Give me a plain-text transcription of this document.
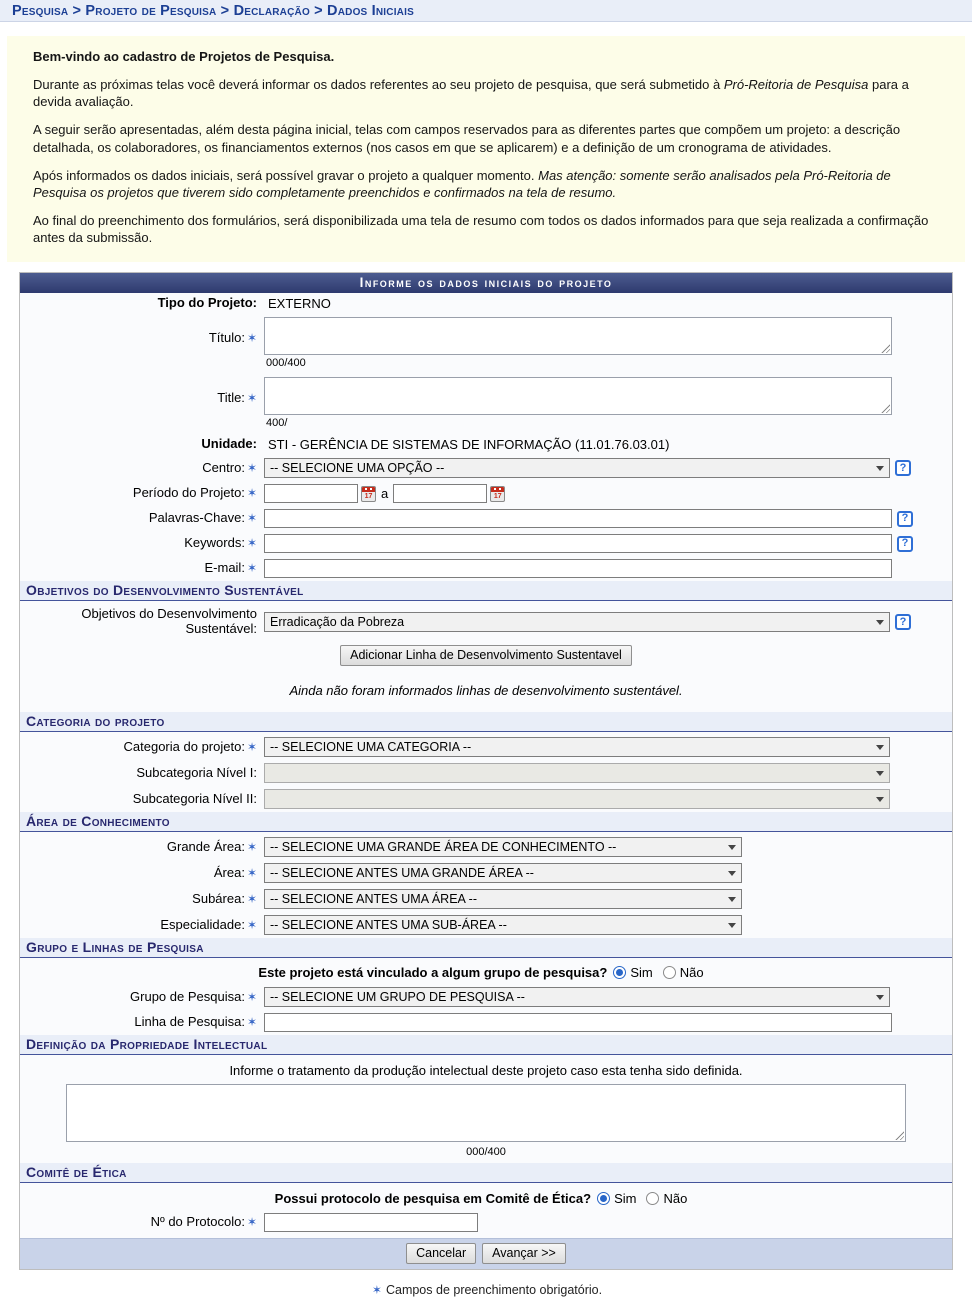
Pesquisa > Projeto de Pesquisa > Declaração > Dados Iniciais

Bem-vindo ao cadastro de Projetos de Pesquisa.

Durante as próximas telas você deverá informar os dados referentes ao seu projeto de pesquisa, que será submetido à Pró-Reitoria de Pesquisa para a devida avaliação.

A seguir serão apresentadas, além desta página inicial, telas com campos reservados para as diferentes partes que compõem um projeto: a descrição detalhada, os colaboradores, os financiamentos externos (nos casos em que se aplicarem) e a definição de um cronograma de atividades.

Após informados os dados iniciais, será possível gravar o projeto a qualquer momento. Mas atenção: somente serão analisados pela Pró-Reitoria de Pesquisa os projetos que tiverem sido completamente preenchidos e confirmados na tela de resumo.

Ao final do preenchimento dos formulários, será disponibilizada uma tela de resumo com todos os dados informados para que seja realizada a confirmação antes da submissão.

Informe os dados iniciais do projeto
Tipo do Projeto: EXTERNO
Título: ✶
000/400
Title: ✶
400/
Unidade: STI - GERÊNCIA DE SISTEMAS DE INFORMAÇÃO (11.01.76.03.01)
Centro: ✶ -- SELECIONE UMA OPÇÃO --	?
Período do Projeto: ✶	17 a	17
Palavras-Chave: ✶	?
Keywords: ✶	?
E-mail: ✶
Objetivos do Desenvolvimento Sustentável
Objetivos do Desenvolvimento Sustentável: Erradicação da Pobreza	?
Adicionar Linha de Desenvolvimento Sustentavel
Ainda não foram informados linhas de desenvolvimento sustentável.
Categoria do projeto
Categoria do projeto: ✶ -- SELECIONE UMA CATEGORIA --
Subcategoria Nível I:
Subcategoria Nível II:
Área de Conhecimento
Grande Área: ✶ -- SELECIONE UMA GRANDE ÁREA DE CONHECIMENTO --
Área: ✶ -- SELECIONE ANTES UMA GRANDE ÁREA --
Subárea: ✶ -- SELECIONE ANTES UMA ÁREA --
Especialidade: ✶ -- SELECIONE ANTES UMA SUB-ÁREA --
Grupo e Linhas de Pesquisa
Este projeto está vinculado a algum grupo de pesquisa? Sim Não
Grupo de Pesquisa: ✶ -- SELECIONE UM GRUPO DE PESQUISA --
Linha de Pesquisa: ✶
Definição da Propriedade Intelectual
Informe o tratamento da produção intelectual deste projeto caso esta tenha sido definida.
000/400
Comitê de Ética
Possui protocolo de pesquisa em Comitê de Ética? Sim Não
Nº do Protocolo: ✶
Cancelar	Avançar >>
✶ Campos de preenchimento obrigatório.
